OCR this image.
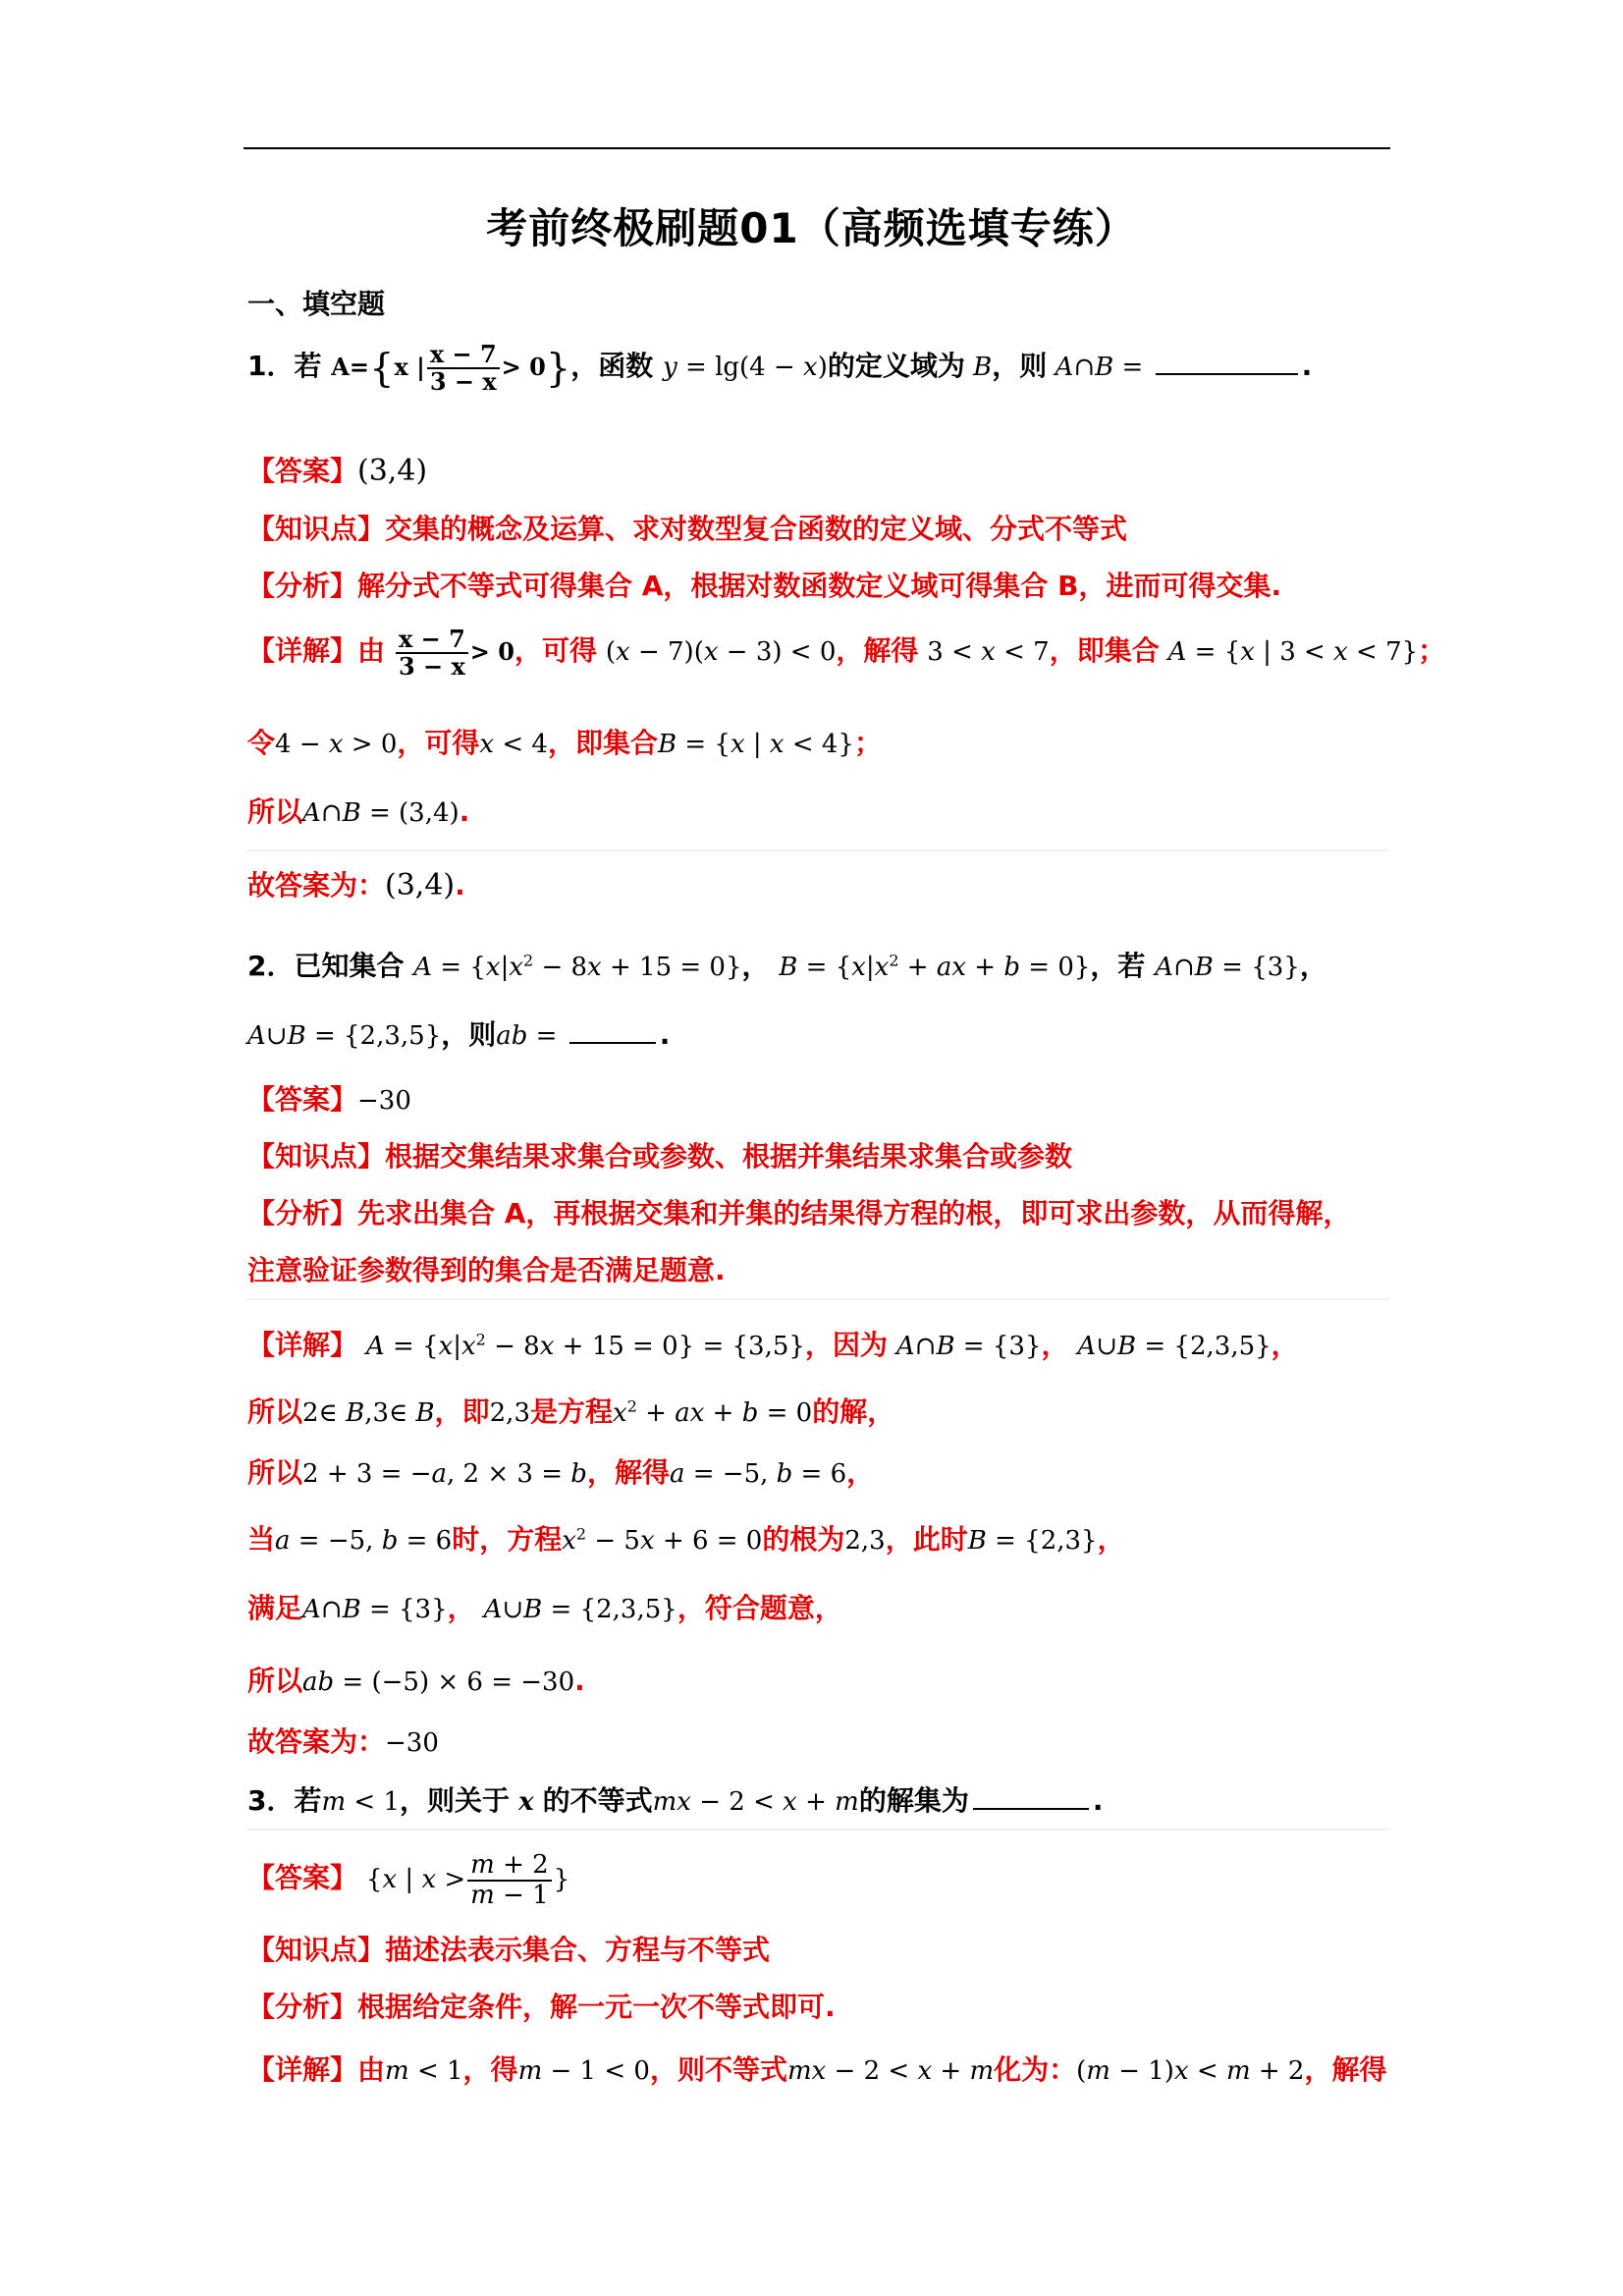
考前终极刷题01（高频选填专练）
一、填空题
1．若 A={x | $\frac{x - 7}{3 - x} > 0$}，函数 y = lg(4 − x)的定义域为 B，则 A∩B =	.
【答案】(3,4)
【知识点】交集的概念及运算、求对数型复合函数的定义域、分式不等式
【分析】解分式不等式可得集合 A，根据对数函数定义域可得集合 B，进而可得交集.
【详解】由 $\frac{x - 7}{3 - x} > 0$，可得 (x − 7)(x − 3) < 0，解得 3 < x < 7，即集合 A = {x | 3 < x < 7}；
令4 − x > 0，可得x < 4，即集合B = {x | x < 4}；
所以A∩B = (3,4).
故答案为：(3,4).
2．已知集合 $A = \{x|x^2 - 8x + 15 = 0\}$， $B = \{x|x^2$ + ax + b = 0}，若 A∩B = {3}，
A∪B = {2,3,5}，则ab =	.
【答案】−30
【知识点】根据交集结果求集合或参数、根据并集结果求集合或参数
【分析】先求出集合 A，再根据交集和并集的结果得方程的根，即可求出参数，从而得解，
注意验证参数得到的集合是否满足题意.
【详解】 $A = \{x|x^2 - 8x + 15 = 0\} = \{3,5\}$，因为 A∩B = {3}， A∪B = {2,3,5}，
所以2∈ B,3∈ B，即2,3是方程$x^2$ + ax + b = 0的解，
所以2 + 3 = −a, 2 × 3 = b，解得a = −5, b = 6，
当a = −5, b = 6时，方程$x^2 - 5x + 6 = 0$的根为2,3，此时B = {2,3}，
满足A∩B = {3}， A∪B = {2,3,5}，符合题意，
所以ab = (−5) × 6 = −30.
故答案为：−30
3．若m < 1，则关于 x 的不等式mx − 2 < x + m的解集为	.
【答案】 {x | $x > \frac{m + 2}{m - 1}$ }
【知识点】描述法表示集合、方程与不等式
【分析】根据给定条件，解一元一次不等式即可.
【详解】由m < 1，得m − 1 < 0，则不等式mx − 2 < x + m化为：(m − 1)x < m + 2，解得
